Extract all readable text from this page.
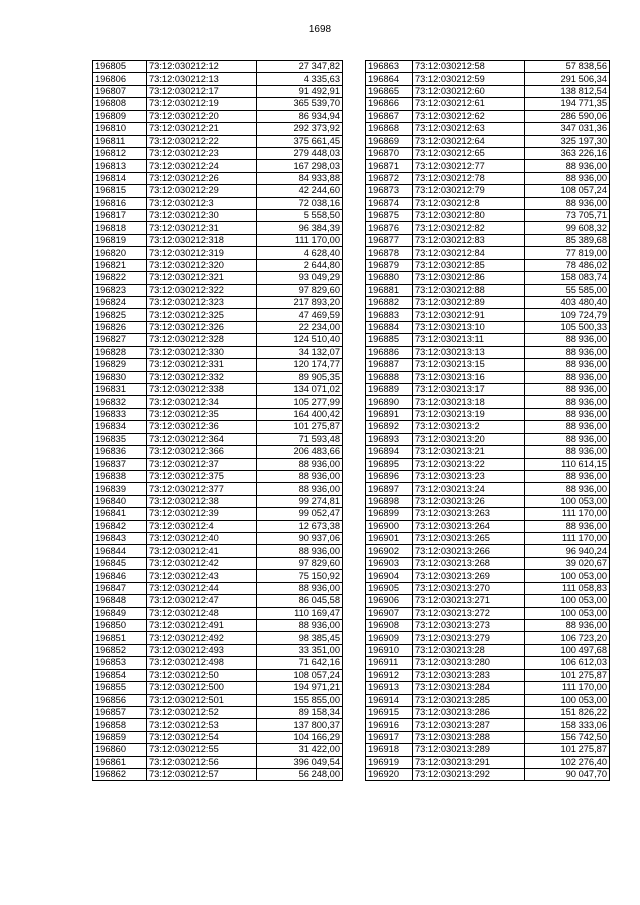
1698
196805	73:12:030212:12	27 347,82
196806	73:12:030212:13	4 335,63
196807	73:12:030212:17	91 492,91
196808	73:12:030212:19	365 539,70
196809	73:12:030212:20	86 934,94
196810	73:12:030212:21	292 373,92
196811	73:12:030212:22	375 661,45
196812	73:12:030212:23	279 448,03
196813	73:12:030212:24	167 298,03
196814	73:12:030212:26	84 933,88
196815	73:12:030212:29	42 244,60
196816	73:12:030212:3	72 038,16
196817	73:12:030212:30	5 558,50
196818	73:12:030212:31	96 384,39
196819	73:12:030212:318	111 170,00
196820	73:12:030212:319	4 628,40
196821	73:12:030212:320	2 644,80
196822	73:12:030212:321	93 049,29
196823	73:12:030212:322	97 829,60
196824	73:12:030212:323	217 893,20
196825	73:12:030212:325	47 469,59
196826	73:12:030212:326	22 234,00
196827	73:12:030212:328	124 510,40
196828	73:12:030212:330	34 132,07
196829	73:12:030212:331	120 174,77
196830	73:12:030212:332	89 905,35
196831	73:12:030212:338	134 071,02
196832	73:12:030212:34	105 277,99
196833	73:12:030212:35	164 400,42
196834	73:12:030212:36	101 275,87
196835	73:12:030212:364	71 593,48
196836	73:12:030212:366	206 483,66
196837	73:12:030212:37	88 936,00
196838	73:12:030212:375	88 936,00
196839	73:12:030212:377	88 936,00
196840	73:12:030212:38	99 274,81
196841	73:12:030212:39	99 052,47
196842	73:12:030212:4	12 673,38
196843	73:12:030212:40	90 937,06
196844	73:12:030212:41	88 936,00
196845	73:12:030212:42	97 829,60
196846	73:12:030212:43	75 150,92
196847	73:12:030212:44	88 936,00
196848	73:12:030212:47	86 045,58
196849	73:12:030212:48	110 169,47
196850	73:12:030212:491	88 936,00
196851	73:12:030212:492	98 385,45
196852	73:12:030212:493	33 351,00
196853	73:12:030212:498	71 642,16
196854	73:12:030212:50	108 057,24
196855	73:12:030212:500	194 971,21
196856	73:12:030212:501	155 855,00
196857	73:12:030212:52	89 158,34
196858	73:12:030212:53	137 800,37
196859	73:12:030212:54	104 166,29
196860	73:12:030212:55	31 422,00
196861	73:12:030212:56	396 049,54
196862	73:12:030212:57	56 248,00
196863	73:12:030212:58	57 838,56
196864	73:12:030212:59	291 506,34
196865	73:12:030212:60	138 812,54
196866	73:12:030212:61	194 771,35
196867	73:12:030212:62	286 590,06
196868	73:12:030212:63	347 031,36
196869	73:12:030212:64	325 197,30
196870	73:12:030212:65	363 226,16
196871	73:12:030212:77	88 936,00
196872	73:12:030212:78	88 936,00
196873	73:12:030212:79	108 057,24
196874	73:12:030212:8	88 936,00
196875	73:12:030212:80	73 705,71
196876	73:12:030212:82	99 608,32
196877	73:12:030212:83	85 389,68
196878	73:12:030212:84	77 819,00
196879	73:12:030212:85	78 486,02
196880	73:12:030212:86	158 083,74
196881	73:12:030212:88	55 585,00
196882	73:12:030212:89	403 480,40
196883	73:12:030212:91	109 724,79
196884	73:12:030213:10	105 500,33
196885	73:12:030213:11	88 936,00
196886	73:12:030213:13	88 936,00
196887	73:12:030213:15	88 936,00
196888	73:12:030213:16	88 936,00
196889	73:12:030213:17	88 936,00
196890	73:12:030213:18	88 936,00
196891	73:12:030213:19	88 936,00
196892	73:12:030213:2	88 936,00
196893	73:12:030213:20	88 936,00
196894	73:12:030213:21	88 936,00
196895	73:12:030213:22	110 614,15
196896	73:12:030213:23	88 936,00
196897	73:12:030213:24	88 936,00
196898	73:12:030213:26	100 053,00
196899	73:12:030213:263	111 170,00
196900	73:12:030213:264	88 936,00
196901	73:12:030213:265	111 170,00
196902	73:12:030213:266	96 940,24
196903	73:12:030213:268	39 020,67
196904	73:12:030213:269	100 053,00
196905	73:12:030213:270	111 058,83
196906	73:12:030213:271	100 053,00
196907	73:12:030213:272	100 053,00
196908	73:12:030213:273	88 936,00
196909	73:12:030213:279	106 723,20
196910	73:12:030213:28	100 497,68
196911	73:12:030213:280	106 612,03
196912	73:12:030213:283	101 275,87
196913	73:12:030213:284	111 170,00
196914	73:12:030213:285	100 053,00
196915	73:12:030213:286	151 826,22
196916	73:12:030213:287	158 333,06
196917	73:12:030213:288	156 742,50
196918	73:12:030213:289	101 275,87
196919	73:12:030213:291	102 276,40
196920	73:12:030213:292	90 047,70
